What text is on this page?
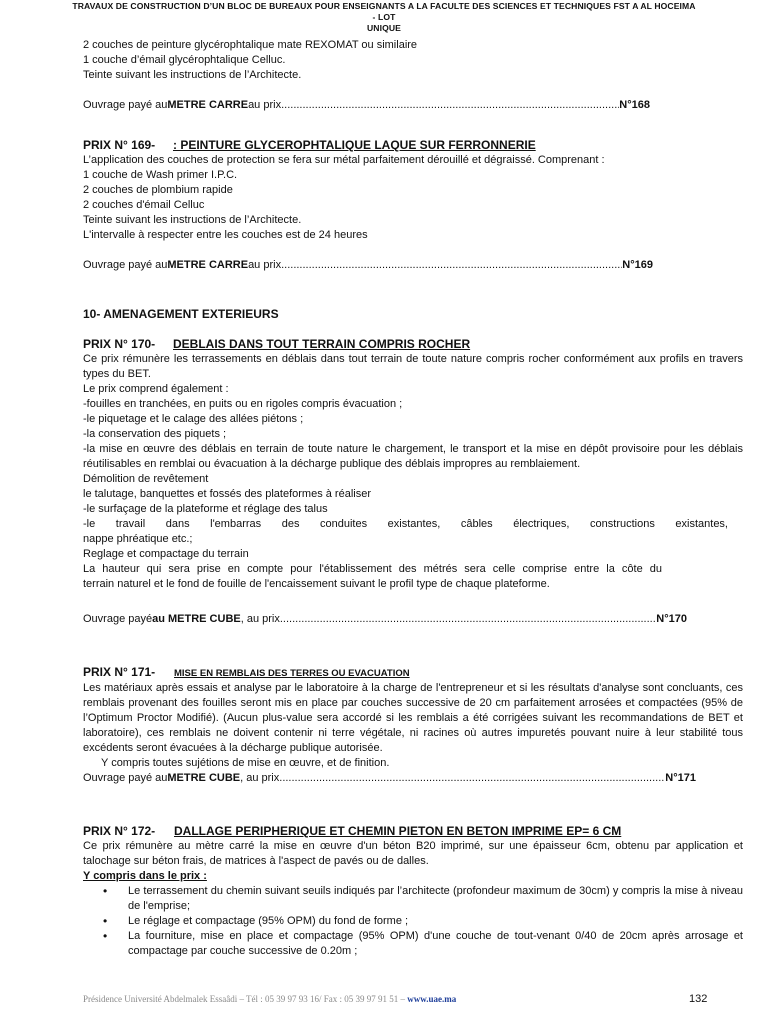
TRAVAUX DE CONSTRUCTION D’UN BLOC DE BUREAUX POUR ENSEIGNANTS A LA FACULTE DES SCIENCES ET TECHNIQUES FST A AL HOCEIMA - LOT
UNIQUE
2 couches de peinture glycérophtalique mate REXOMAT ou similaire
1 couche d’émail glycérophtalique Celluc.
Teinte suivant les instructions de l’Architecte.
Ouvrage payé au METRE CARRE au prix .....	N°168
PRIX N° 169- : PEINTURE GLYCEROPHTALIQUE LAQUE SUR FERRONNERIE
L’application des couches de protection se fera sur métal parfaitement dérouillé et dégraissé. Comprenant :
1 couche de Wash primer I.P.C.
2 couches de plombium rapide
2 couches d'émail Celluc
Teinte suivant les instructions de l’Architecte.
L'intervalle à respecter entre les couches est de 24 heures
Ouvrage payé au METRE CARRE au prix .....	N°169
10- AMENAGEMENT EXTERIEURS
PRIX N° 170- DEBLAIS DANS TOUT TERRAIN COMPRIS ROCHER
Ce prix rémunère les terrassements en déblais dans tout terrain de toute nature compris rocher conformément aux profils en travers types du BET.
Le prix comprend également :
-fouilles en tranchées, en puits ou en rigoles compris évacuation ;
-le piquetage et le calage des allées piétons ;
-la conservation des piquets ;
-la mise en œuvre des déblais en terrain de toute nature le chargement, le transport et la mise en dépôt provisoire pour les déblais réutilisables en remblai ou évacuation à la décharge publique des déblais impropres au remblaiement.
Démolition de revêtement
le talutage, banquettes et fossés des plateformes à réaliser
-le surfaçage de la plateforme et réglage des talus
-le travail dans l'embarras des conduites existantes, câbles électriques, constructions existantes,
nappe phréatique etc.;
Reglage et compactage du terrain
La hauteur qui sera prise en compte pour l'établissement des métrés sera celle comprise entre la côte du
terrain naturel et le fond de fouille de l'encaissement suivant le profil type de chaque plateforme.
Ouvrage payé au METRE CUBE , au prix .....	N°170
PRIX N° 171- MISE EN REMBLAIS DES TERRES OU EVACUATION
Les matériaux après essais et analyse par le laboratoire à la charge de l'entrepreneur et si les résultats d'analyse sont concluants, ces remblais provenant des fouilles seront mis en place par couches successive de 20 cm parfaitement arrosées et compactées (95% de l’Optimum Proctor Modifié). (Aucun plus-value sera accordé si les remblais a été corrigées suivant les recommandations de BET et laboratoire), ces remblais ne doivent contenir ni terre végétale, ni racines où autres impuretés pouvant nuire à leur stabilité tous excédents seront évacuées à la décharge publique autorisée.
Y compris toutes sujétions de mise en œuvre, et de finition.
Ouvrage payé au METRE CUBE , au prix .....	N°171
PRIX N° 172- DALLAGE PERIPHERIQUE ET CHEMIN PIETON EN BETON IMPRIME EP= 6 CM
Ce prix rémunère au mètre carré la mise en œuvre d'un béton B20 imprimé, sur une épaisseur 6cm, obtenu par application et talochage sur béton frais, de matrices à l'aspect de pavés ou de dalles.
Y compris dans le prix :
• Le terrassement du chemin suivant seuils indiqués par l’architecte (profondeur maximum de 30cm) y compris la mise à niveau de l'emprise;
• Le réglage et compactage (95% OPM) du fond de forme ;
• La fourniture, mise en place et compactage (95% OPM) d'une couche de tout-venant 0/40 de 20cm après arrosage et compactage par couche successive de 0.20m ;
Présidence Université Abdelmalek Essaâdi – Tél : 05 39 97 93 16/ Fax : 05 39 97 91 51 – www.uae.ma	132
